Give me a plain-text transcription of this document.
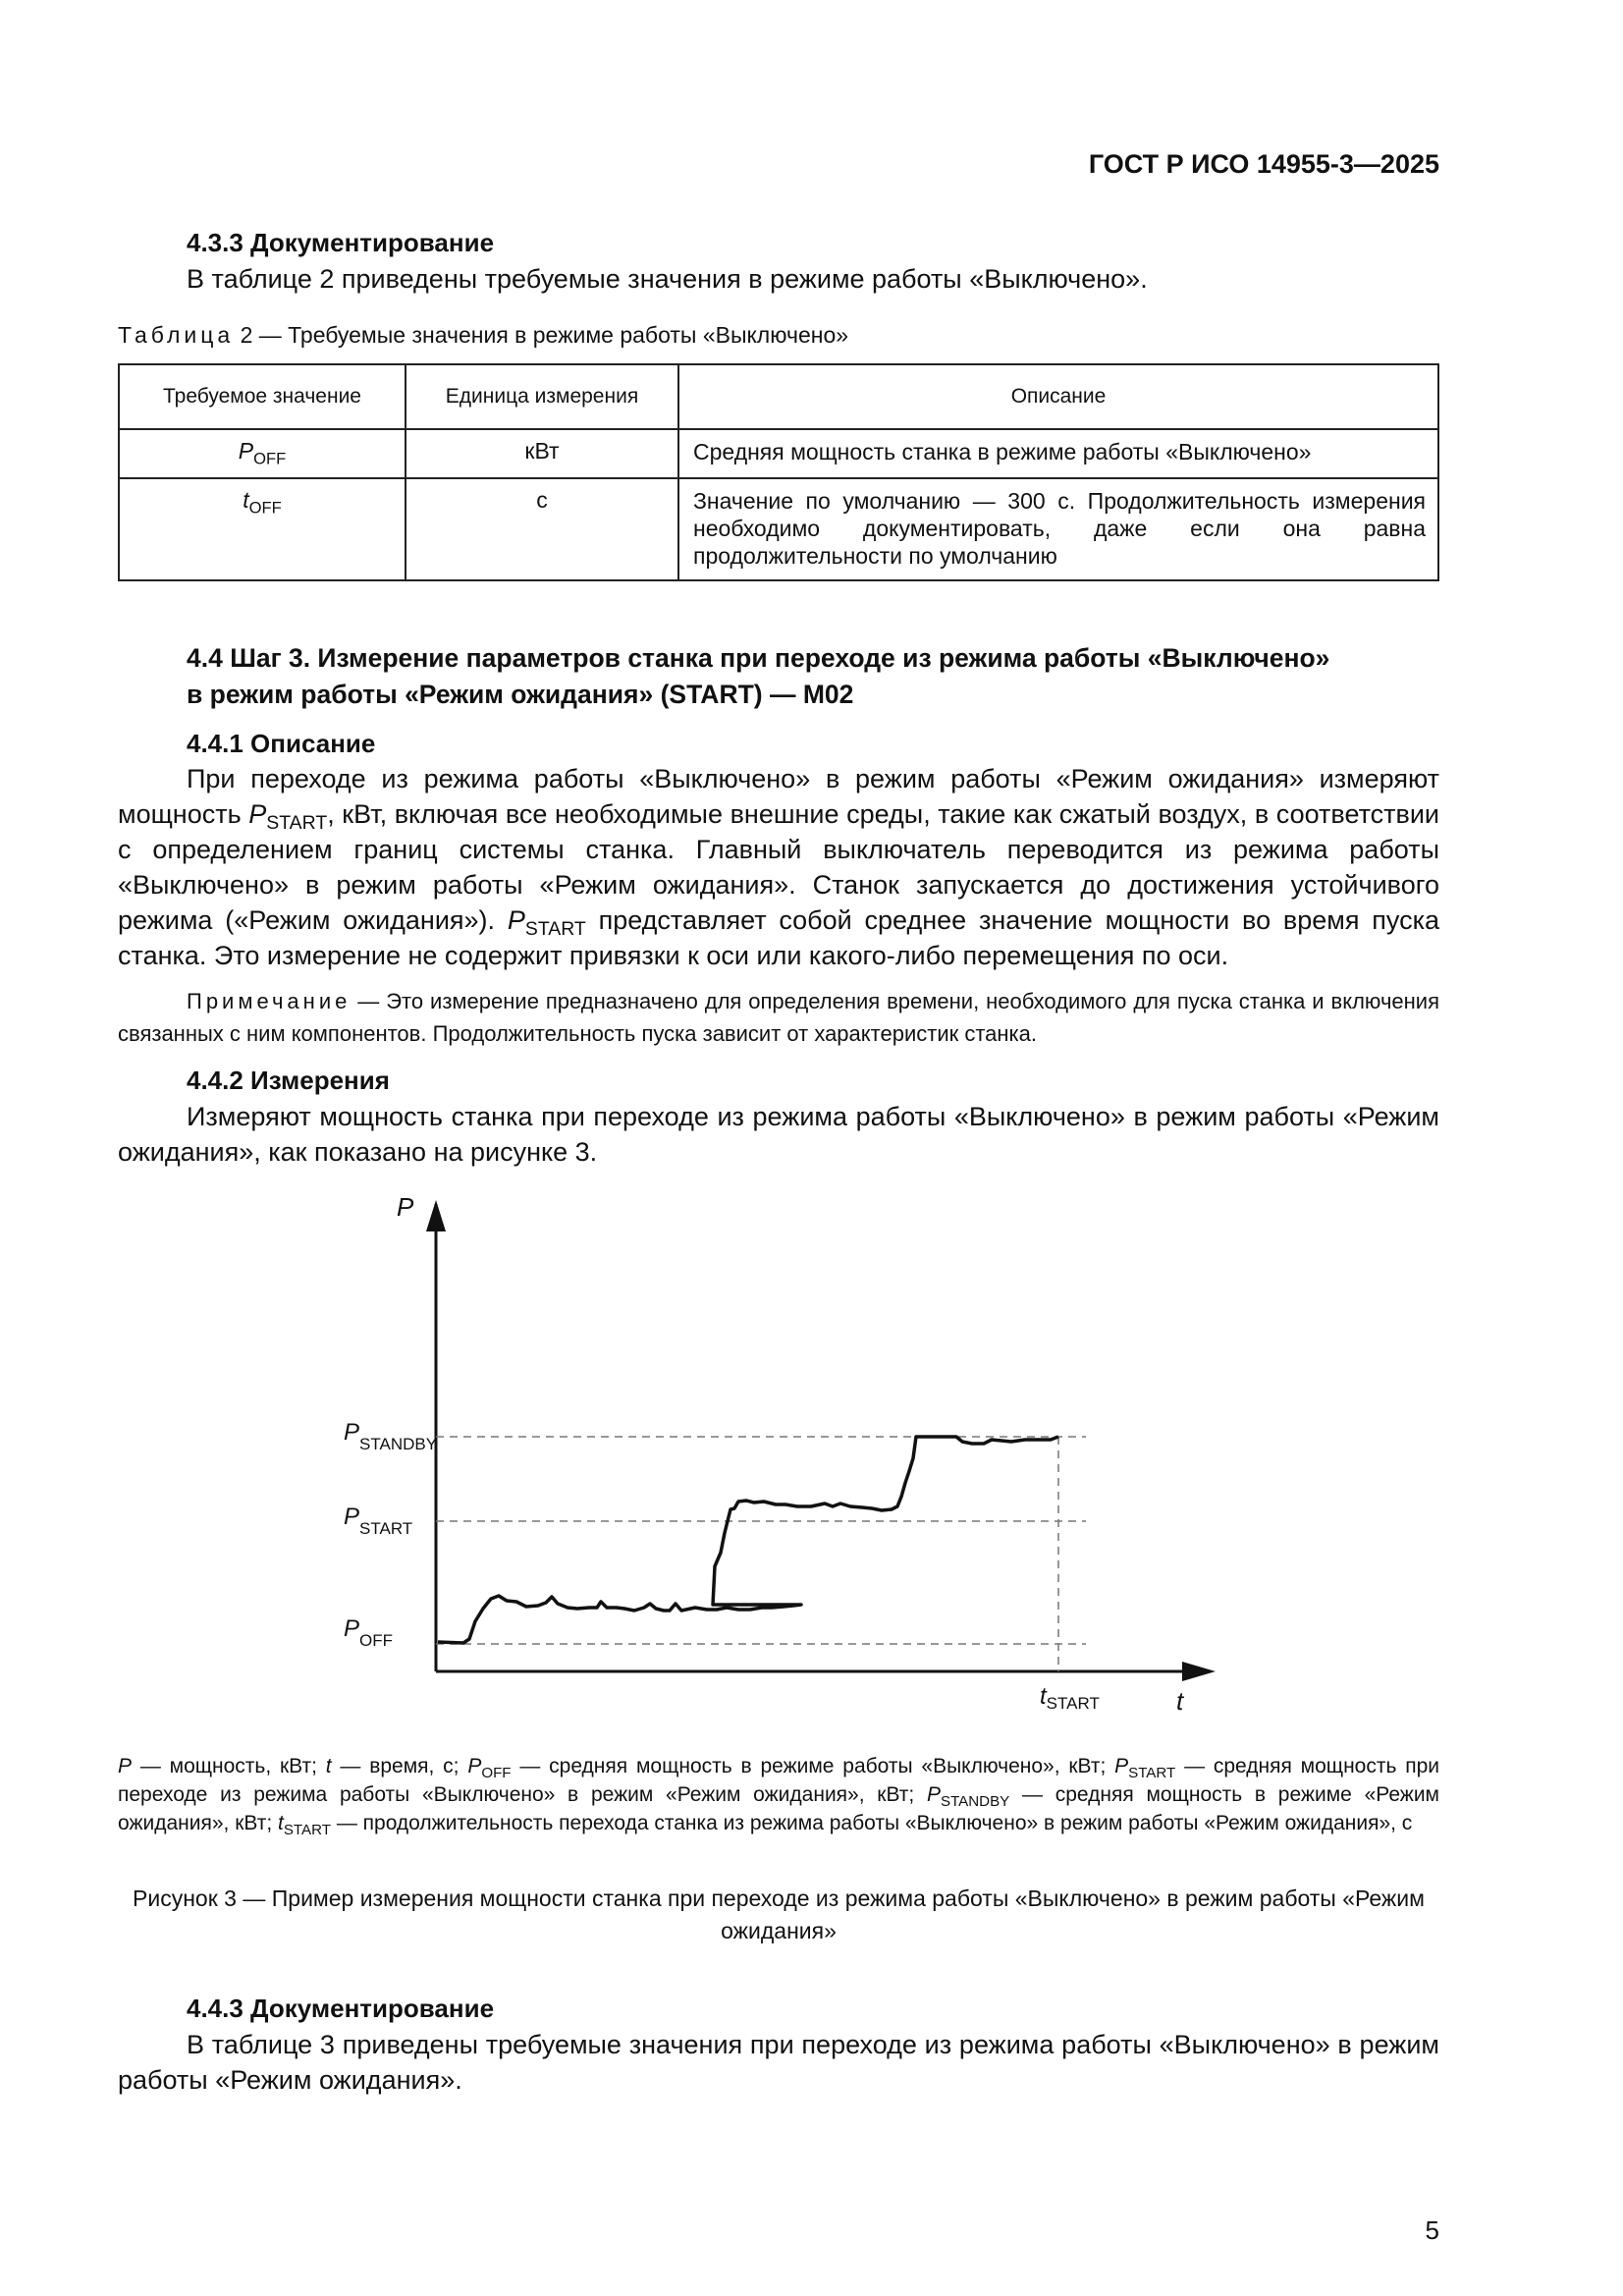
ГОСТ Р ИСО 14955-3—2025
4.3.3 Документирование
В таблице 2 приведены требуемые значения в режиме работы «Выключено».
Таблица 2 — Требуемые значения в режиме работы «Выключено»
Требуемое значение	Единица измерения	Описание
$P_{OFF}$	кВт	Средняя мощность станка в режиме работы «Выключено»
$t_{OFF}$	с	Значение по умолчанию — 300 с. Продолжительность измерения необходимо документировать, даже если она равна продолжительности по умолчанию
4.4 Шаг 3. Измерение параметров станка при переходе из режима работы «Выключено»
в режим работы «Режим ожидания» (START) — M02
4.4.1 Описание
При переходе из режима работы «Выключено» в режим работы «Режим ожидания» измеряют мощность $P_{START}$, кВт, включая все необходимые внешние среды, такие как сжатый воздух, в соответствии с определением границ системы станка. Главный выключатель переводится из режима работы «Выключено» в режим работы «Режим ожидания». Станок запускается до достижения устойчивого режима («Режим ожидания»). $P_{START}$ представляет собой среднее значение мощности во время пуска станка. Это измерение не содержит привязки к оси или какого-либо перемещения по оси.
Примечание — Это измерение предназначено для определения времени, необходимого для пуска станка и включения связанных с ним компонентов. Продолжительность пуска зависит от характеристик станка.
4.4.2 Измерения
Измеряют мощность станка при переходе из режима работы «Выключено» в режим работы «Режим ожидания», как показано на рисунке 3.
P
t
$P_{STANDBY}$
$P_{START}$
$P_{OFF}$
$t_{START}$
P — мощность, кВт; t — время, с; $P_{OFF}$ — средняя мощность в режиме работы «Выключено», кВт; $P_{START}$ — средняя мощность при переходе из режима работы «Выключено» в режим «Режим ожидания», кВт; $P_{STANDBY}$ — средняя мощность в режиме «Режим ожидания», кВт; $t_{START}$ — продолжительность перехода станка из режима работы «Выключено» в режим работы «Режим ожидания», с
Рисунок 3 — Пример измерения мощности станка при переходе из режима работы «Выключено» в режим работы «Режим ожидания»
4.4.3 Документирование
В таблице 3 приведены требуемые значения при переходе из режима работы «Выключено» в режим работы «Режим ожидания».
5
